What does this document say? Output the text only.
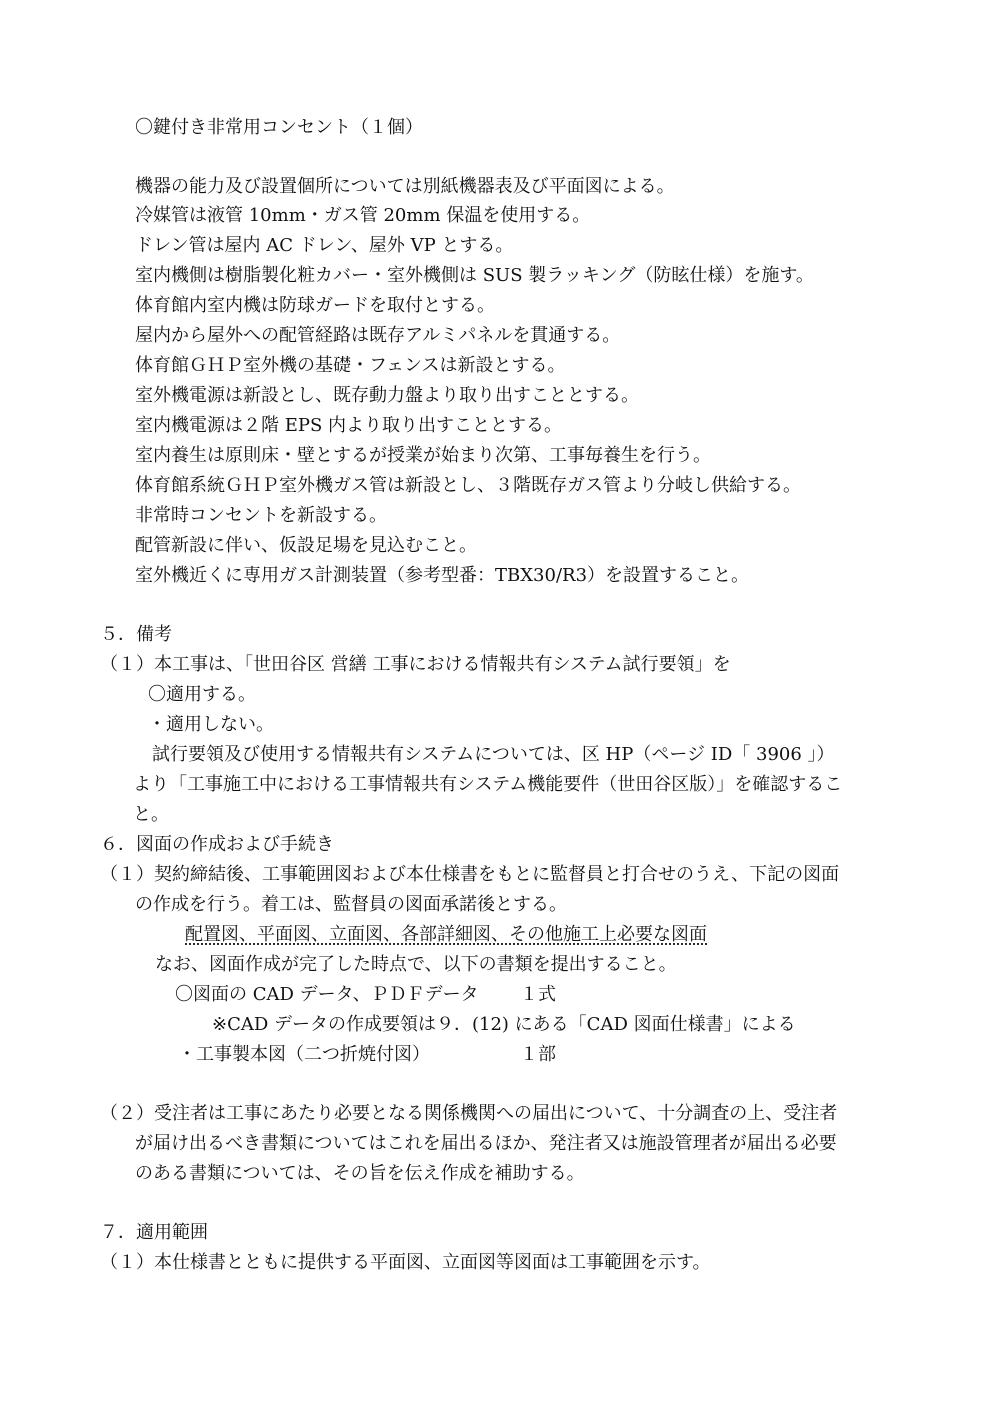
〇鍵付き非常用コンセント（１個）
機器の能力及び設置個所については別紙機器表及び平面図による。
冷媒管は液管 10mm・ガス管 20mm 保温を使用する。
ドレン管は屋内 AC ドレン、屋外 VP とする。
室内機側は樹脂製化粧カバー・室外機側は SUS 製ラッキング（防眩仕様）を施す。
体育館内室内機は防球ガードを取付とする。
屋内から屋外への配管経路は既存アルミパネルを貫通する。
体育館ＧＨＰ室外機の基礎・フェンスは新設とする。
室外機電源は新設とし、既存動力盤より取り出すこととする。
室内機電源は２階 EPS 内より取り出すこととする。
室内養生は原則床・壁とするが授業が始まり次第、工事毎養生を行う。
体育館系統ＧＨＰ室外機ガス管は新設とし、３階既存ガス管より分岐し供給する。
非常時コンセントを新設する。
配管新設に伴い、仮設足場を見込むこと。
室外機近くに専用ガス計測装置（参考型番：TBX30/R3）を設置すること。
５．備考
（１）本工事は、「世田谷区 営繕 工事における情報共有システム試行要領」を
〇適用する。
・適用しない。
試行要領及び使用する情報共有システムについては、区 HP（ページ ID「 3906 」）
より「工事施工中における工事情報共有システム機能要件（世田谷区版）」を確認するこ
と。
６．図面の作成および手続き
（１）契約締結後、工事範囲図および本仕様書をもとに監督員と打合せのうえ、下記の図面
の作成を行う。着工は、監督員の図面承諾後とする。
配置図、平面図、立面図、各部詳細図、その他施工上必要な図面
なお、図面作成が完了した時点で、以下の書類を提出すること。
〇図面の CAD データ、ＰＤＦデータ １式
※CAD データの作成要領は９．(12) にある「CAD 図面仕様書」による
・工事製本図（二つ折焼付図）	１部
（２）受注者は工事にあたり必要となる関係機関への届出について、十分調査の上、受注者
が届け出るべき書類についてはこれを届出るほか、発注者又は施設管理者が届出る必要
のある書類については、その旨を伝え作成を補助する。
７．適用範囲
（１）本仕様書とともに提供する平面図、立面図等図面は工事範囲を示す。
